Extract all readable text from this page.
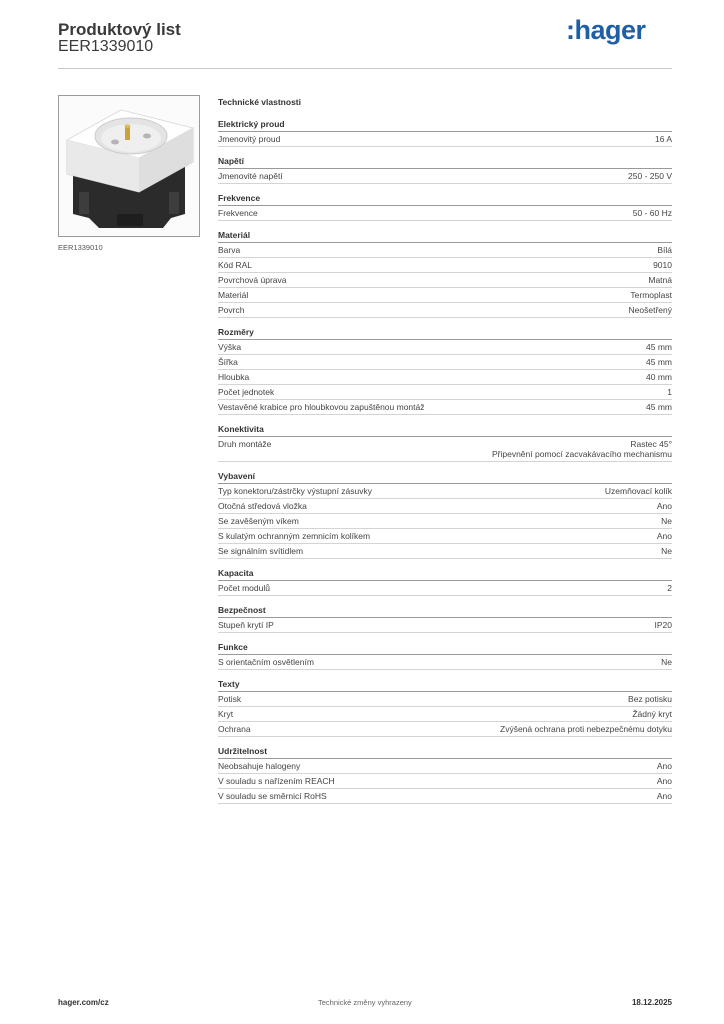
Produktový list
EER1339010
:hager
EER1339010
Technické vlastnosti
Elektrický proud
Jmenovitý proud	16 A
Napětí
Jmenovité napětí	250 - 250 V
Frekvence
Frekvence	50 - 60 Hz
Materiál
Barva	Bílá
Kód RAL	9010
Povrchová úprava	Matná
Materiál	Termoplast
Povrch	Neošetřený
Rozměry
Výška	45 mm
Šířka	45 mm
Hloubka	40 mm
Počet jednotek	1
Vestavěné krabice pro hloubkovou zapuštěnou montáž	45 mm
Konektivita
Druh montáže	Rastec 45°
Připevnění pomocí zacvakávacího mechanismu
Vybavení
Typ konektoru/zástrčky výstupní zásuvky	Uzemňovací kolík
Otočná středová vložka	Ano
Se zavěšeným víkem	Ne
S kulatým ochranným zemnicím kolíkem	Ano
Se signálním svítidlem	Ne
Kapacita
Počet modulů	2
Bezpečnost
Stupeň krytí IP	IP20
Funkce
S orientačním osvětlením	Ne
Texty
Potisk	Bez potisku
Kryt	Žádný kryt
Ochrana	Zvýšená ochrana proti nebezpečnému dotyku
Udržitelnost
Neobsahuje halogeny	Ano
V souladu s nařízením REACH	Ano
V souladu se směrnicí RoHS	Ano
hager.com/cz	Technické změny vyhrazeny	18.12.2025
